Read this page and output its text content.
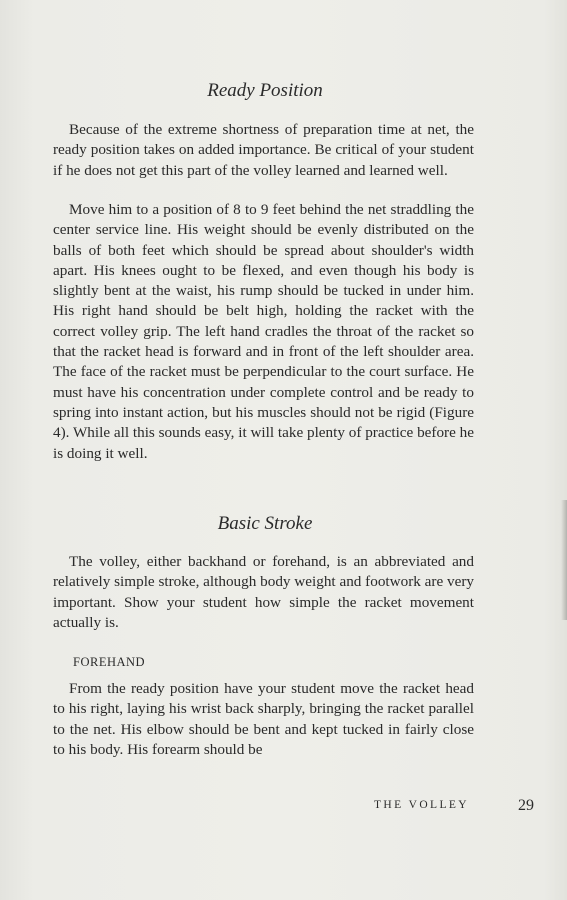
Ready Position

Because of the extreme shortness of preparation time at net, the ready position takes on added importance. Be critical of your student if he does not get this part of the volley learned and learned well.

Move him to a position of 8 to 9 feet behind the net straddling the center service line. His weight should be evenly distributed on the balls of both feet which should be spread about shoulder's width apart. His knees ought to be flexed, and even though his body is slightly bent at the waist, his rump should be tucked in under him. His right hand should be belt high, holding the racket with the correct volley grip. The left hand cradles the throat of the racket so that the racket head is forward and in front of the left shoulder area. The face of the racket must be perpendicular to the court surface. He must have his concentration under complete control and be ready to spring into instant action, but his muscles should not be rigid (Figure 4). While all this sounds easy, it will take plenty of practice before he is doing it well.

Basic Stroke

The volley, either backhand or forehand, is an abbreviated and relatively simple stroke, although body weight and footwork are very important. Show your student how simple the racket movement actually is.

FOREHAND

From the ready position have your student move the racket head to his right, laying his wrist back sharply, bringing the racket parallel to the net. His elbow should be bent and kept tucked in fairly close to his body. His forearm should be

THE VOLLEY	29
